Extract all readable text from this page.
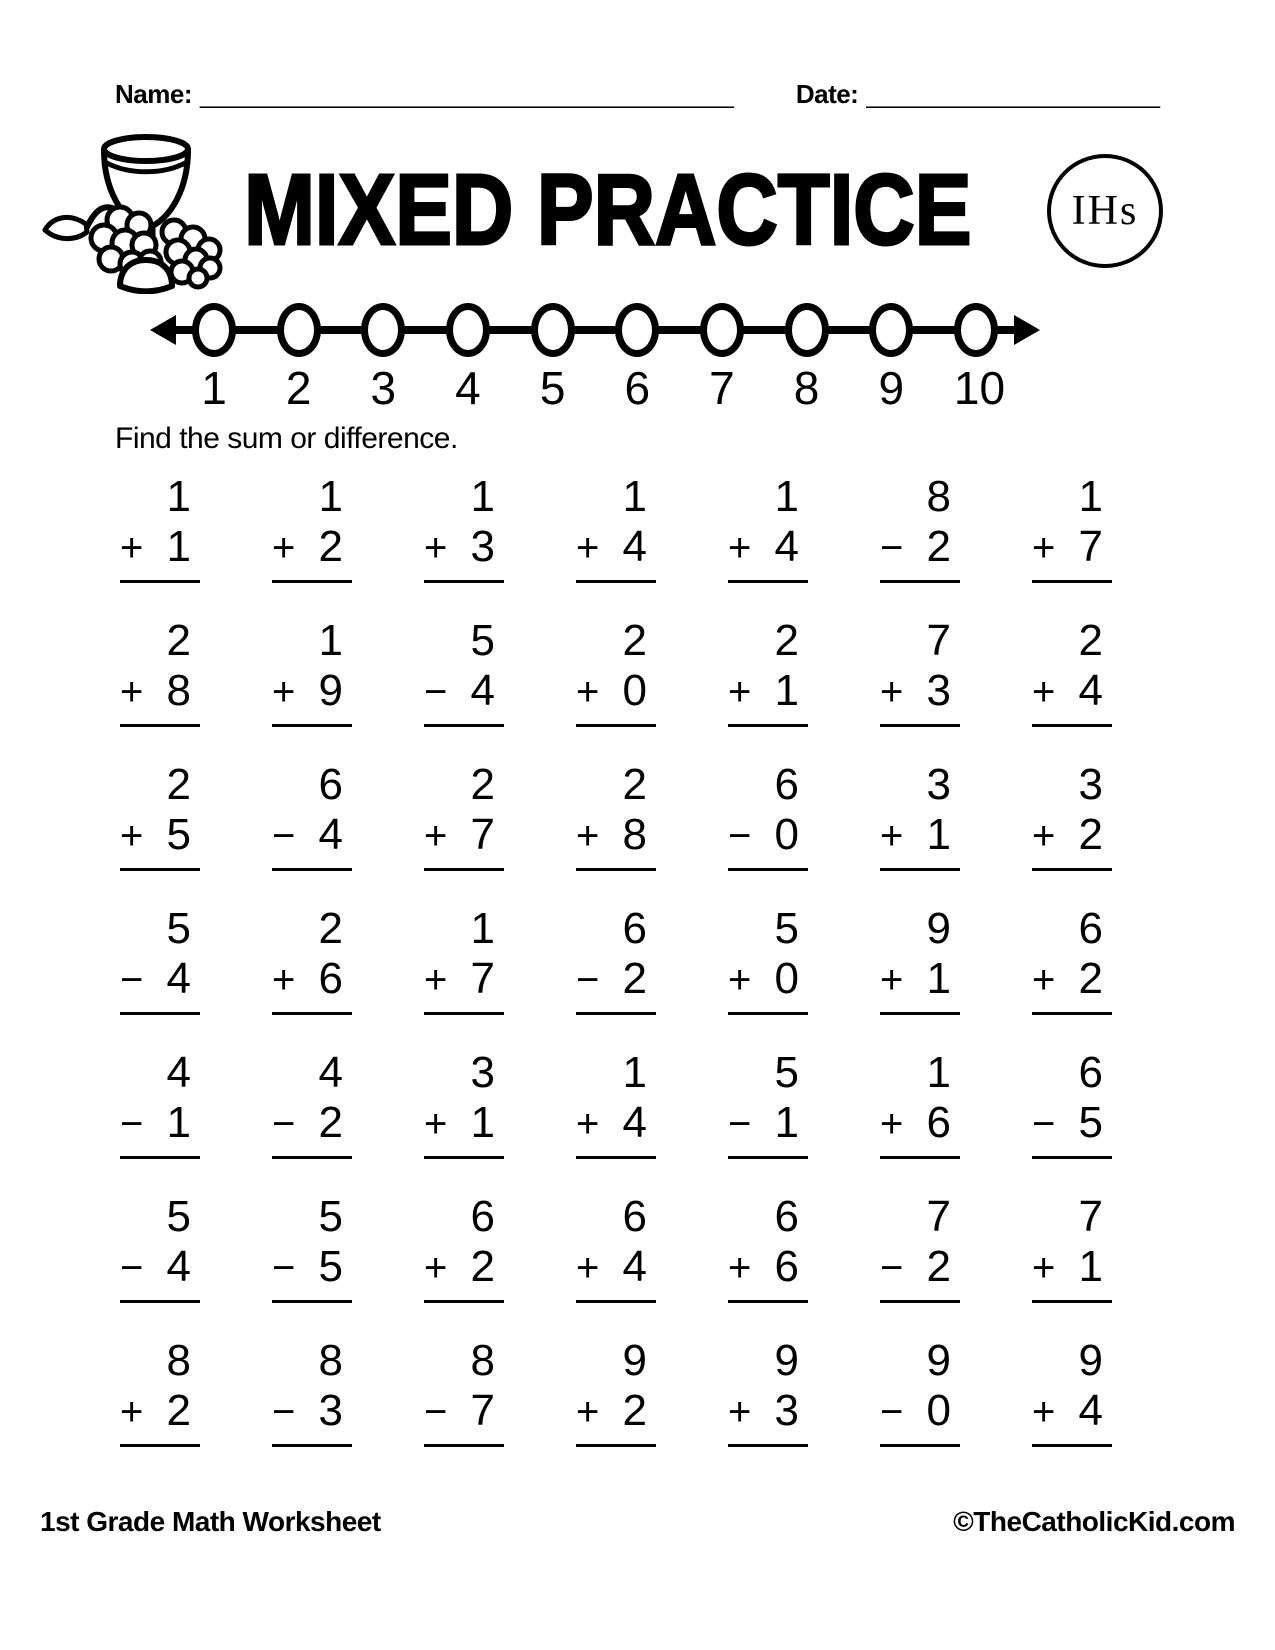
Name: ________________________________________ Date: ______________________
MIXED PRACTICE	IHs
1 2 3 4 5 6 7 8 9 10
Find the sum or difference.
1
+ 1
1
+ 2
1
+ 3
1
+ 4
1
+ 4
8
− 2
1
+ 7
2
+ 8
1
+ 9
5
− 4
2
+ 0
2
+ 1
7
+ 3
2
+ 4
2
+ 5
6
− 4
2
+ 7
2
+ 8
6
− 0
3
+ 1
3
+ 2
5
− 4
2
+ 6
1
+ 7
6
− 2
5
+ 0
9
+ 1
6
+ 2
4
− 1
4
− 2
3
+ 1
1
+ 4
5
− 1
1
+ 6
6
− 5
5
− 4
5
− 5
6
+ 2
6
+ 4
6
+ 6
7
− 2
7
+ 1
8
+ 2
8
− 3
8
− 7
9
+ 2
9
+ 3
9
− 0
9
+ 4
1st Grade Math Worksheet	©TheCatholicKid.com
